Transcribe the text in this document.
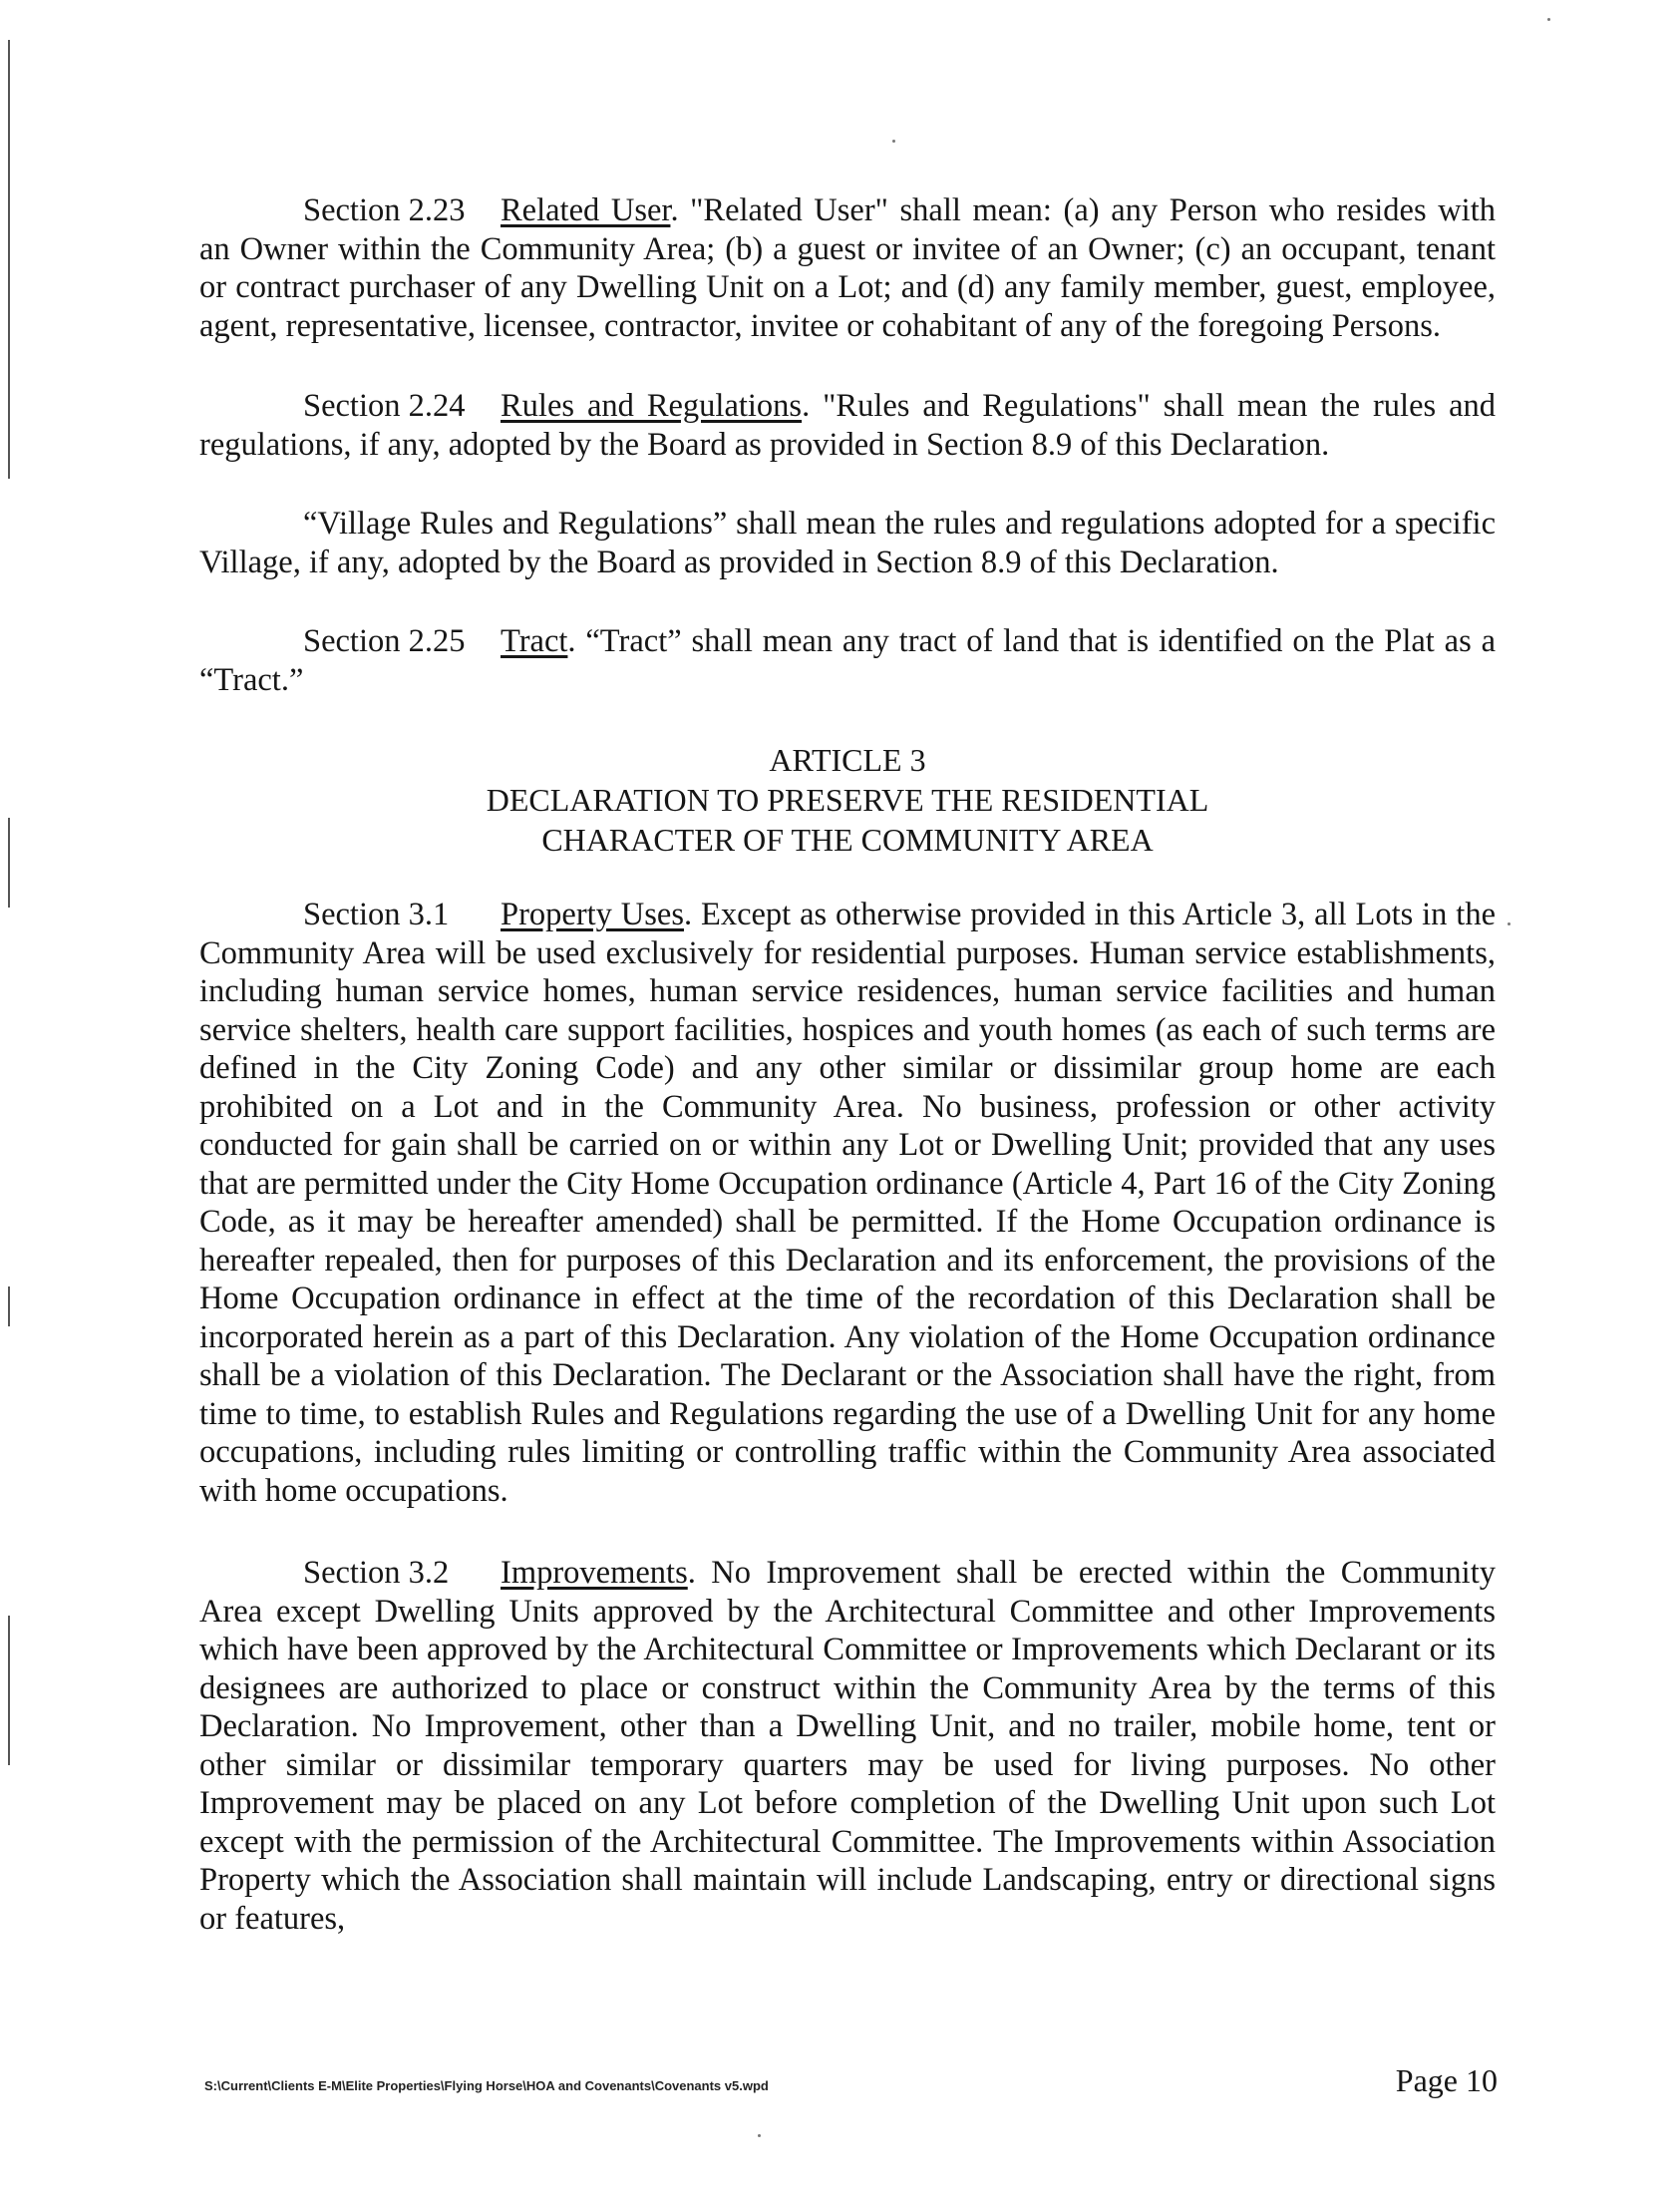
Section 2.23 Related User. "Related User" shall mean: (a) any Person who resides with an Owner within the Community Area; (b) a guest or invitee of an Owner; (c) an occupant, tenant or contract purchaser of any Dwelling Unit on a Lot; and (d) any family member, guest, employee, agent, representative, licensee, contractor, invitee or cohabitant of any of the foregoing Persons.

Section 2.24 Rules and Regulations. "Rules and Regulations" shall mean the rules and regulations, if any, adopted by the Board as provided in Section 8.9 of this Declaration.

“Village Rules and Regulations” shall mean the rules and regulations adopted for a specific Village, if any, adopted by the Board as provided in Section 8.9 of this Declaration.

Section 2.25 Tract. “Tract” shall mean any tract of land that is identified on the Plat as a “Tract.”

ARTICLE 3
DECLARATION TO PRESERVE THE RESIDENTIAL
CHARACTER OF THE COMMUNITY AREA

Section 3.1 Property Uses. Except as otherwise provided in this Article 3, all Lots in the Community Area will be used exclusively for residential purposes. Human service establishments, including human service homes, human service residences, human service facilities and human service shelters, health care support facilities, hospices and youth homes (as each of such terms are defined in the City Zoning Code) and any other similar or dissimilar group home are each prohibited on a Lot and in the Community Area. No business, profession or other activity conducted for gain shall be carried on or within any Lot or Dwelling Unit; provided that any uses that are permitted under the City Home Occupation ordinance (Article 4, Part 16 of the City Zoning Code, as it may be hereafter amended) shall be permitted. If the Home Occupation ordinance is hereafter repealed, then for purposes of this Declaration and its enforcement, the provisions of the Home Occupation ordinance in effect at the time of the recordation of this Declaration shall be incorporated herein as a part of this Declaration. Any violation of the Home Occupation ordinance shall be a violation of this Declaration. The Declarant or the Association shall have the right, from time to time, to establish Rules and Regulations regarding the use of a Dwelling Unit for any home occupations, including rules limiting or controlling traffic within the Community Area associated with home occupations.

Section 3.2 Improvements. No Improvement shall be erected within the Community Area except Dwelling Units approved by the Architectural Committee and other Improvements which have been approved by the Architectural Committee or Improvements which Declarant or its designees are authorized to place or construct within the Community Area by the terms of this Declaration. No Improvement, other than a Dwelling Unit, and no trailer, mobile home, tent or other similar or dissimilar temporary quarters may be used for living purposes. No other Improvement may be placed on any Lot before completion of the Dwelling Unit upon such Lot except with the permission of the Architectural Committee. The Improvements within Association Property which the Association shall maintain will include Landscaping, entry or directional signs or features,

S:\Current\Clients E-M\Elite Properties\Flying Horse\HOA and Covenants\Covenants v5.wpd	Page 10
